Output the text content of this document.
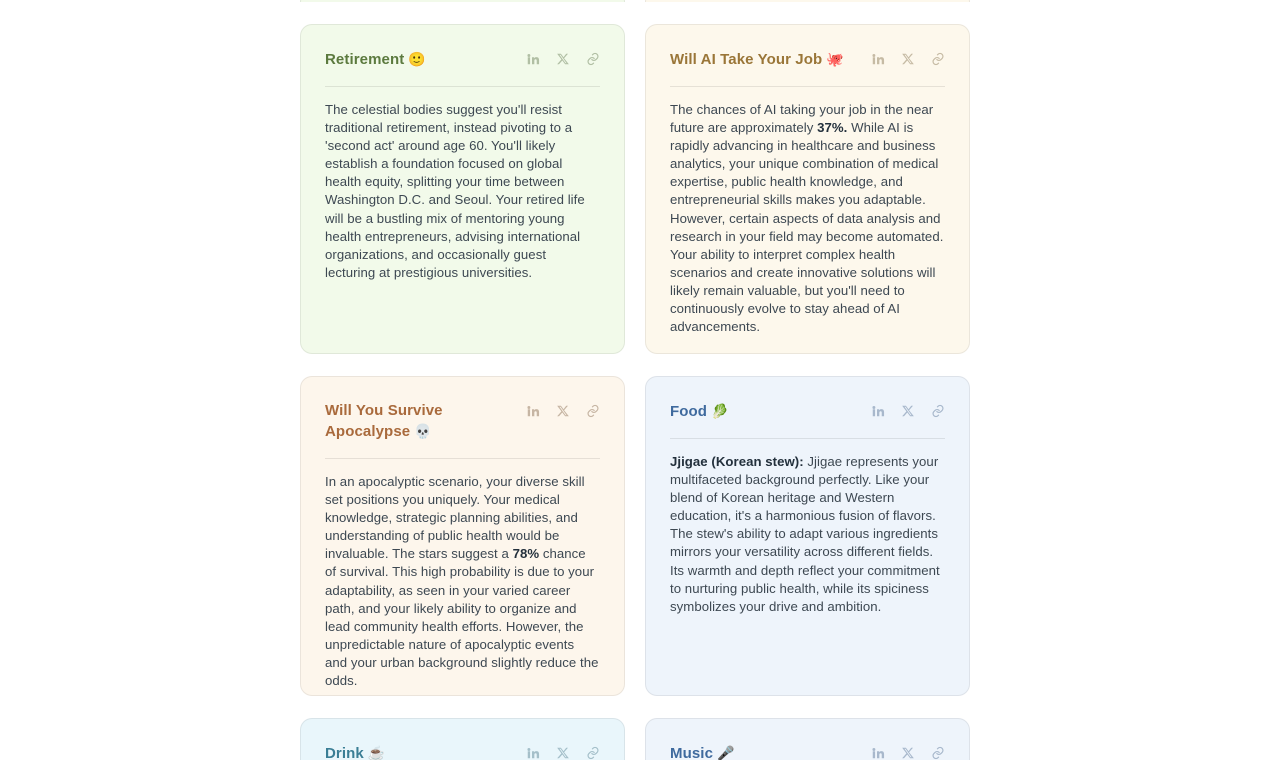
Retirement 🙂

The celestial bodies suggest you'll resist traditional retirement, instead pivoting to a 'second act' around age 60. You'll likely establish a foundation focused on global health equity, splitting your time between Washington D.C. and Seoul. Your retired life will be a bustling mix of mentoring young health entrepreneurs, advising international organizations, and occasionally guest lecturing at prestigious universities.

Will AI Take Your Job 🐙

The chances of AI taking your job in the near future are approximately 37%. While AI is rapidly advancing in healthcare and business analytics, your unique combination of medical expertise, public health knowledge, and entrepreneurial skills makes you adaptable. However, certain aspects of data analysis and research in your field may become automated. Your ability to interpret complex health scenarios and create innovative solutions will likely remain valuable, but you'll need to continuously evolve to stay ahead of AI advancements.

Will You Survive Apocalypse 💀

In an apocalyptic scenario, your diverse skill set positions you uniquely. Your medical knowledge, strategic planning abilities, and understanding of public health would be invaluable. The stars suggest a 78% chance of survival. This high probability is due to your adaptability, as seen in your varied career path, and your likely ability to organize and lead community health efforts. However, the unpredictable nature of apocalyptic events and your urban background slightly reduce the odds.

Food 🥬

Jjigae (Korean stew): Jjigae represents your multifaceted background perfectly. Like your blend of Korean heritage and Western education, it's a harmonious fusion of flavors. The stew's ability to adapt various ingredients mirrors your versatility across different fields. Its warmth and depth reflect your commitment to nurturing public health, while its spiciness symbolizes your drive and ambition.

Drink ☕	Music 🎤
